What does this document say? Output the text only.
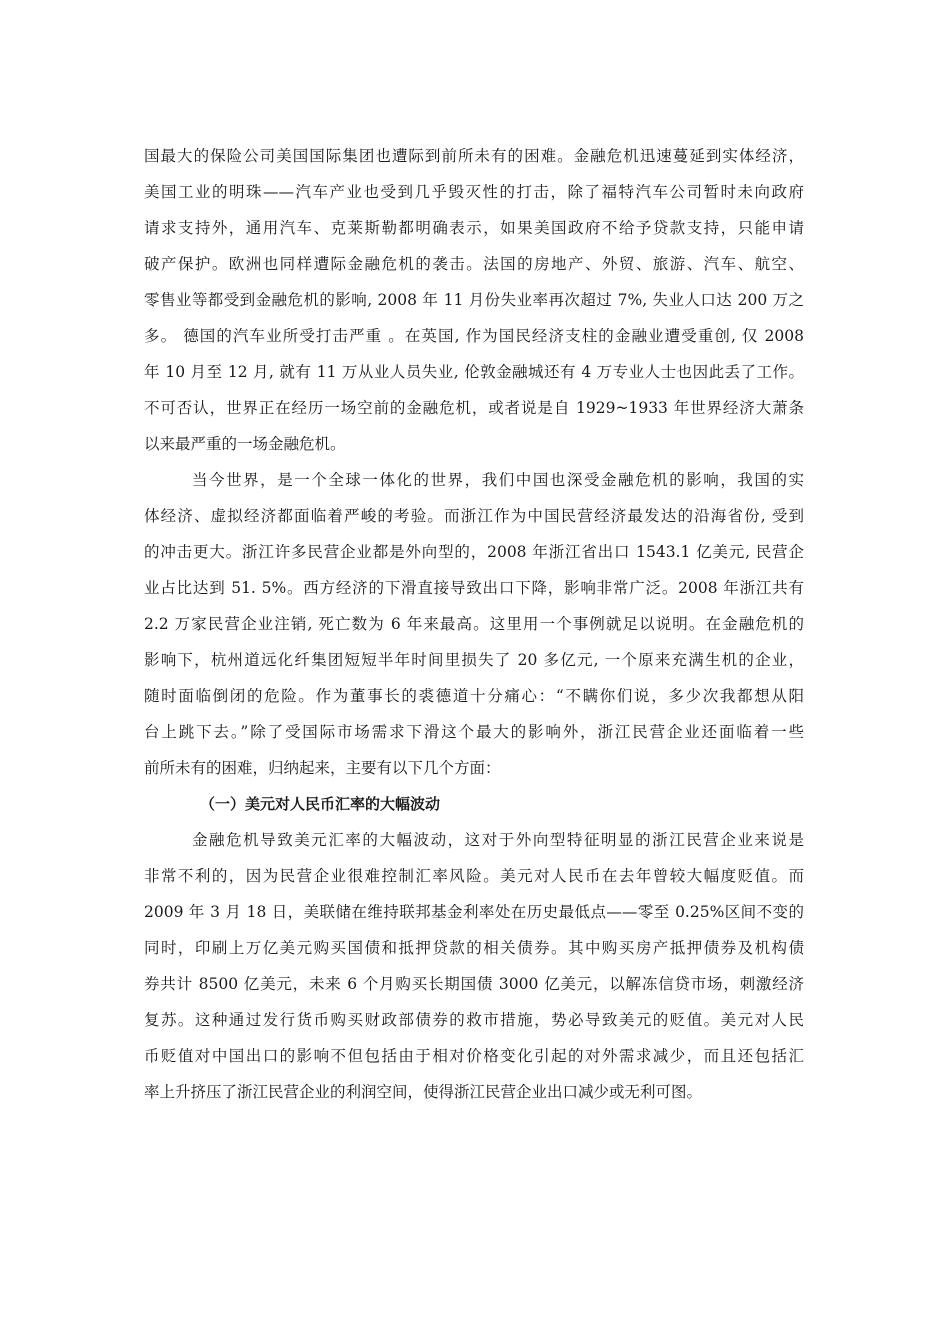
国最大的保险公司美国国际集团也遭际到前所未有的困难。金融危机迅速蔓延到实体经济，
美国工业的明珠——汽车产业也受到几乎毁灭性的打击，除了福特汽车公司暂时未向政府
请求支持外，通用汽车、克莱斯勒都明确表示，如果美国政府不给予贷款支持，只能申请
破产保护。欧洲也同样遭际金融危机的袭击。法国的房地产、外贸、旅游、汽车、航空、
零售业等都受到金融危机的影响, 2008 年 11 月份失业率再次超过 7%, 失业人口达 200 万之
多。 德国的汽车业所受打击严重 。在英国, 作为国民经济支柱的金融业遭受重创, 仅 2008
年 10 月至 12 月, 就有 11 万从业人员失业, 伦敦金融城还有 4 万专业人士也因此丢了工作。
不可否认，世界正在经历一场空前的金融危机，或者说是自 1929~1933 年世界经济大萧条
以来最严重的一场金融危机。
当今世界，是一个全球一体化的世界，我们中国也深受金融危机的影响，我国的实
体经济、虚拟经济都面临着严峻的考验。而浙江作为中国民营经济最发达的沿海省份, 受到
的冲击更大。浙江许多民营企业都是外向型的，2008 年浙江省出口 1543.1 亿美元, 民营企
业占比达到 51. 5%。西方经济的下滑直接导致出口下降，影响非常广泛。2008 年浙江共有
2.2 万家民营企业注销, 死亡数为 6 年来最高。这里用一个事例就足以说明。在金融危机的
影响下，杭州道远化纤集团短短半年时间里损失了 20 多亿元, 一个原来充满生机的企业，
随时面临倒闭的危险。作为董事长的裘德道十分痛心：“不瞒你们说，多少次我都想从阳
台上跳下去。”除了受国际市场需求下滑这个最大的影响外，浙江民营企业还面临着一些
前所未有的困难，归纳起来，主要有以下几个方面：
（一）美元对人民币汇率的大幅波动
金融危机导致美元汇率的大幅波动，这对于外向型特征明显的浙江民营企业来说是
非常不利的，因为民营企业很难控制汇率风险。美元对人民币在去年曾较大幅度贬值。而
2009 年 3 月 18 日，美联储在维持联邦基金利率处在历史最低点——零至 0.25%区间不变的
同时，印刷上万亿美元购买国债和抵押贷款的相关债券。其中购买房产抵押债券及机构债
券共计 8500 亿美元，未来 6 个月购买长期国债 3000 亿美元，以解冻信贷市场，刺激经济
复苏。这种通过发行货币购买财政部债券的救市措施，势必导致美元的贬值。美元对人民
币贬值对中国出口的影响不但包括由于相对价格变化引起的对外需求减少，而且还包括汇
率上升挤压了浙江民营企业的利润空间，使得浙江民营企业出口减少或无利可图。
